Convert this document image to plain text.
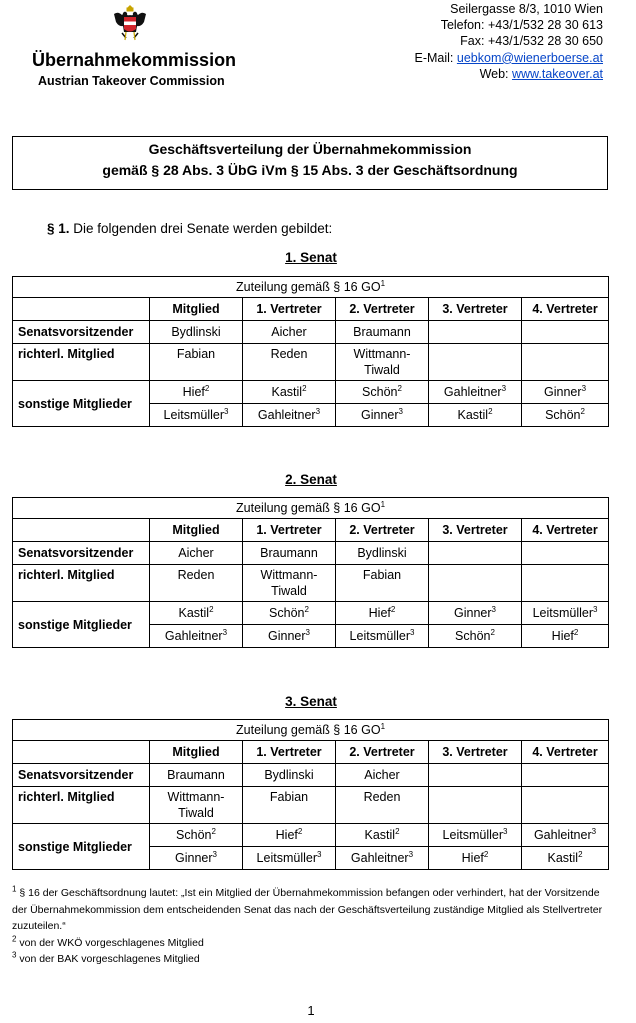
Übernahmekommission
Austrian Takeover Commission
Seilergasse 8/3, 1010 Wien
Telefon: +43/1/532 28 30 613
Fax: +43/1/532 28 30 650
E-Mail: uebkom@wienerboerse.at
Web: www.takeover.at
Geschäftsverteilung der Übernahmekommission
gemäß § 28 Abs. 3 ÜbG iVm § 15 Abs. 3 der Geschäftsordnung
§ 1. Die folgenden drei Senate werden gebildet:
1. Senat
Zuteilung gemäß § 16 $GO^1$
	Mitglied	1. Vertreter	2. Vertreter	3. Vertreter	4. Vertreter
Senatsvorsitzender	Bydlinski	Aicher	Braumann		
richterl. Mitglied	Fabian	Reden	Wittmann-
Tiwald		

sonstige Mitglieder	Hief$^2$	Kastil$^2$	Schön$^2$	Gahleitner$^3$	Ginner$^3$
	Leitsmüller$^3$	Gahleitner$^3$	Ginner$^3$	Kastil$^2$	Schön$^2$
2. Senat
Zuteilung gemäß § 16 $GO^1$
	Mitglied	1. Vertreter	2. Vertreter	3. Vertreter	4. Vertreter
Senatsvorsitzender	Aicher	Braumann	Bydlinski		
richterl. Mitglied	Reden	Wittmann-
Tiwald	Fabian		

sonstige Mitglieder	Kastil$^2$	Schön$^2$	Hief$^2$	Ginner$^3$	Leitsmüller$^3$
	Gahleitner$^3$	Ginner$^3$	Leitsmüller$^3$	Schön$^2$	Hief$^2$
3. Senat
Zuteilung gemäß § 16 $GO^1$
	Mitglied	1. Vertreter	2. Vertreter	3. Vertreter	4. Vertreter
Senatsvorsitzender	Braumann	Bydlinski	Aicher		
richterl. Mitglied	Wittmann-
Tiwald	Fabian	Reden		

sonstige Mitglieder	Schön$^2$	Hief$^2$	Kastil$^2$	Leitsmüller$^3$	Gahleitner$^3$
	Ginner$^3$	Leitsmüller$^3$	Gahleitner$^3$	Hief$^2$	Kastil$^2$
$^1$ § 16 der Geschäftsordnung lautet: „Ist ein Mitglied der Übernahmekommission befangen oder verhindert, hat der Vorsitzende der Übernahmekommission dem entscheidenden Senat das nach der Geschäftsverteilung zuständige Mitglied als Stellvertreter zuzuteilen.“
$^2$ von der WKÖ vorgeschlagenes Mitglied
$^3$ von der BAK vorgeschlagenes Mitglied
1
